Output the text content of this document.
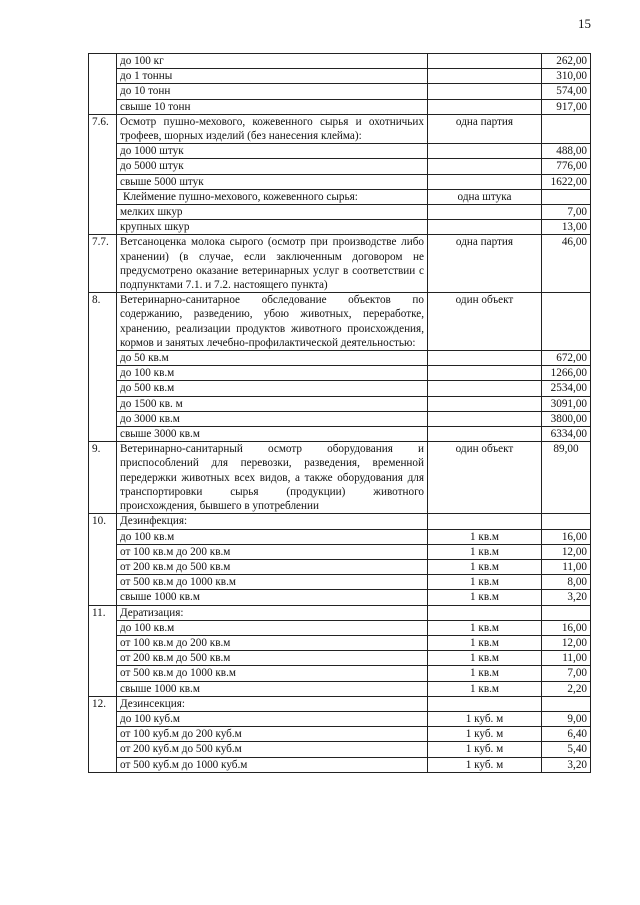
15
	до 100 кг		262,00
	до 1 тонны		310,00
	до 10 тонн		574,00
	свыше 10 тонн		917,00
7.6.	Осмотр пушно-мехового, кожевенного сырья и охотничьих трофеев, шорных изделий (без нанесения клейма):	одна партия	
	до 1000 штук		488,00
	до 5000 штук		776,00
	свыше 5000 штук		1622,00
	Клеймение пушно-мехового, кожевенного сырья:	одна штука	
	мелких шкур		7,00
	крупных шкур		13,00
7.7.	Ветсаноценка молока сырого (осмотр при производстве либо хранении) (в случае, если заключенным договором не предусмотрено оказание ветеринарных услуг в соответствии с подпунктами 7.1. и 7.2. настоящего пункта)	одна партия	46,00
8.	Ветеринарно-санитарное обследование объектов по содержанию, разведению, убою животных, переработке, хранению, реализации продуктов животного происхождения, кормов и занятых лечебно-профилактической деятельностью:	один объект	
	до 50 кв.м		672,00
	до 100 кв.м		1266,00
	до 500 кв.м		2534,00
	до 1500 кв. м		3091,00
	до 3000 кв.м		3800,00
	свыше 3000 кв.м		6334,00
9.	Ветеринарно-санитарный осмотр оборудования и приспособлений для перевозки, разведения, временной передержки животных всех видов, а также оборудования для транспортировки сырья (продукции) животного происхождения, бывшего в употреблении	один объект	89,00
10.	Дезинфекция:		
	до 100 кв.м	1 кв.м	16,00
	от 100 кв.м до 200 кв.м	1 кв.м	12,00
	от 200 кв.м до 500 кв.м	1 кв.м	11,00
	от 500 кв.м до 1000 кв.м	1 кв.м	8,00
	свыше 1000 кв.м	1 кв.м	3,20
11.	Дератизация:		
	до 100 кв.м	1 кв.м	16,00
	от 100 кв.м до 200 кв.м	1 кв.м	12,00
	от 200 кв.м до 500 кв.м	1 кв.м	11,00
	от 500 кв.м до 1000 кв.м	1 кв.м	7,00
	свыше 1000 кв.м	1 кв.м	2,20
12.	Дезинсекция:		
	до 100 куб.м	1 куб. м	9,00
	от 100 куб.м до 200 куб.м	1 куб. м	6,40
	от 200 куб.м до 500 куб.м	1 куб. м	5,40
	от 500 куб.м до 1000 куб.м	1 куб. м	3,20
